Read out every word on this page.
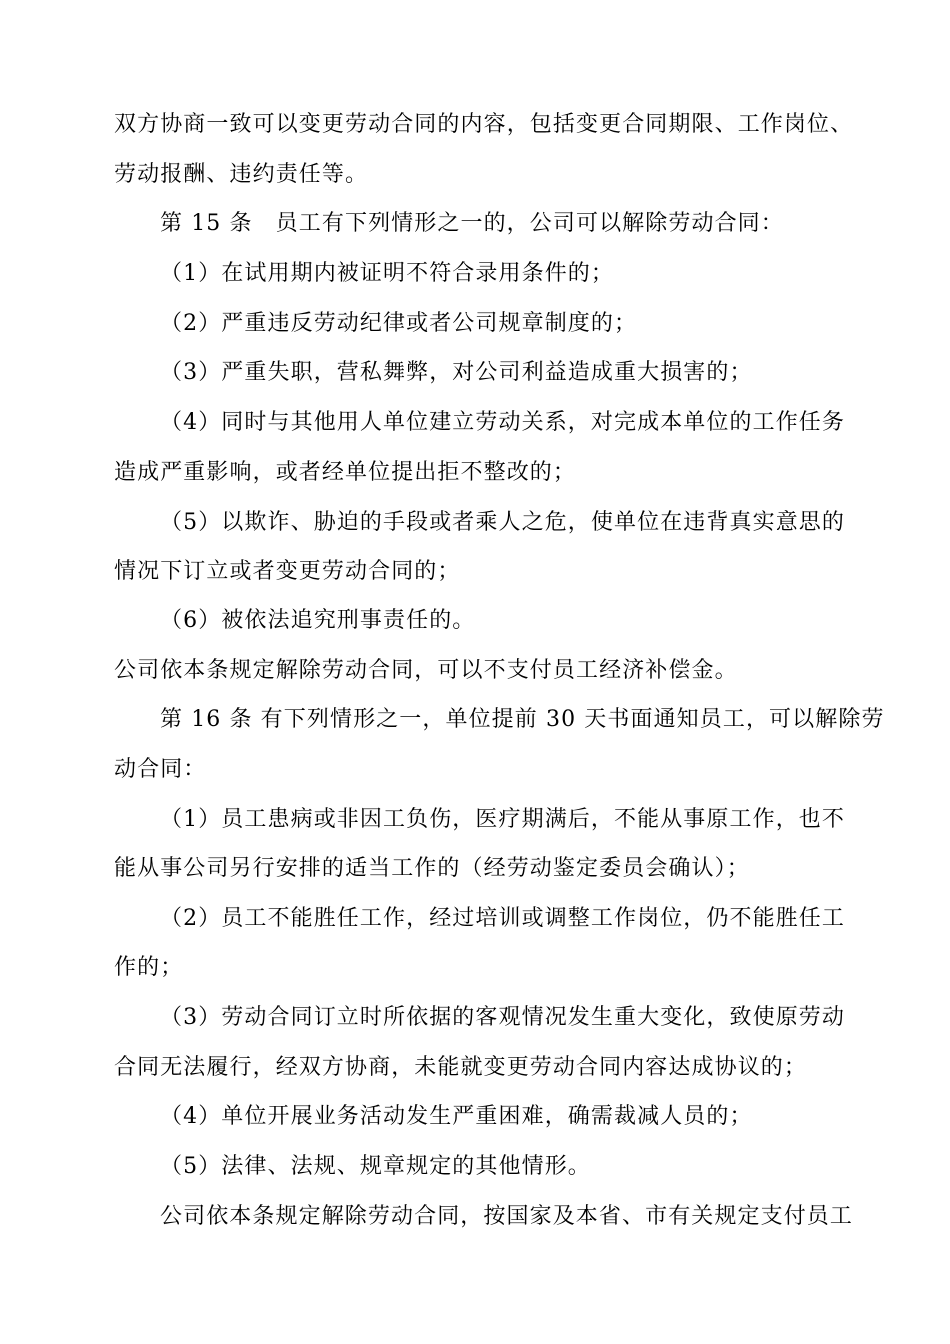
双方协商一致可以变更劳动合同的内容，包括变更合同期限、工作岗位、
劳动报酬、违约责任等。
第 15 条　员工有下列情形之一的，公司可以解除劳动合同：
（1）在试用期内被证明不符合录用条件的；
（2）严重违反劳动纪律或者公司规章制度的；
（3）严重失职，营私舞弊，对公司利益造成重大损害的；
（4）同时与其他用人单位建立劳动关系，对完成本单位的工作任务
造成严重影响，或者经单位提出拒不整改的；
（5）以欺诈、胁迫的手段或者乘人之危，使单位在违背真实意思的
情况下订立或者变更劳动合同的；
（6）被依法追究刑事责任的。
公司依本条规定解除劳动合同，可以不支付员工经济补偿金。
第 16 条 有下列情形之一，单位提前 30 天书面通知员工，可以解除劳
动合同：
（1）员工患病或非因工负伤，医疗期满后，不能从事原工作，也不
能从事公司另行安排的适当工作的（经劳动鉴定委员会确认）；
（2）员工不能胜任工作，经过培训或调整工作岗位，仍不能胜任工
作的；
（3）劳动合同订立时所依据的客观情况发生重大变化，致使原劳动
合同无法履行，经双方协商，未能就变更劳动合同内容达成协议的；
（4）单位开展业务活动发生严重困难，确需裁减人员的；
（5）法律、法规、规章规定的其他情形。
公司依本条规定解除劳动合同，按国家及本省、市有关规定支付员工
